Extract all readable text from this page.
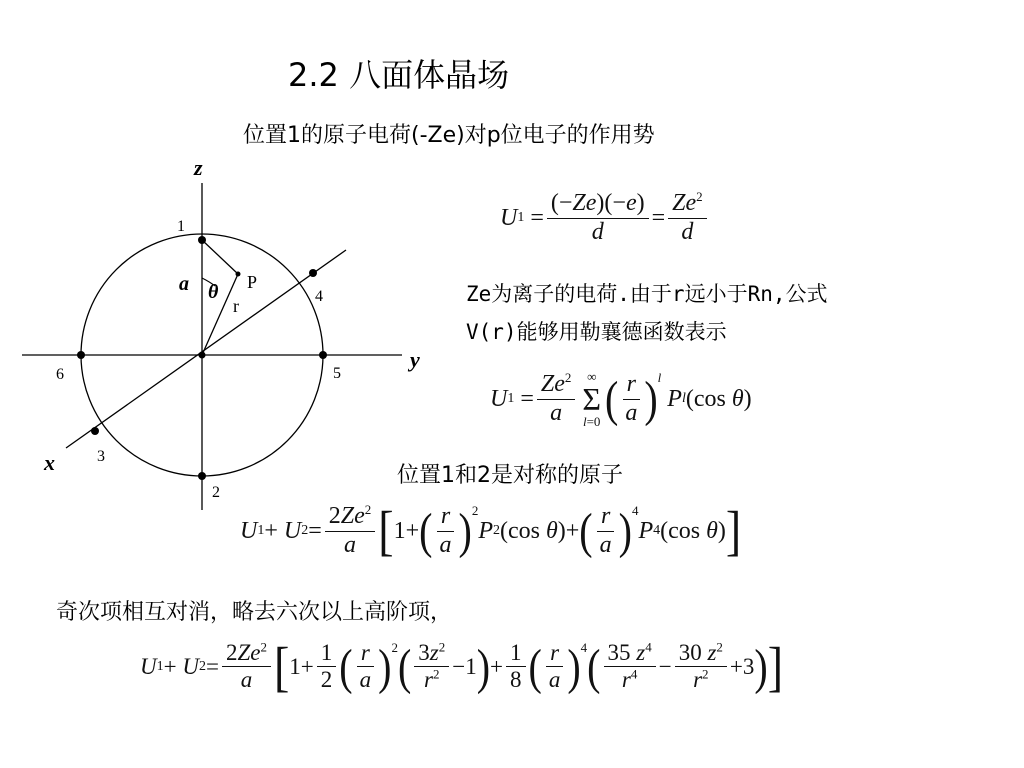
2.2 八面体晶场
位置1的原子电荷(-Ze)对p位电子的作用势
z
y
x
a θ P
r
1
2
3
4
5
6
U $1 = \frac{(-Ze)(-e)}{d} = \frac{Ze^2}{d}$
Ze为离子的电荷.由于r远小于Rn,公式
V(r)能够用勒襄德函数表示
U $1 = \frac{Ze^2}{a}$ ∞
Σ
l=0 ( $\frac{r}{a} )^l$

P l (cos θ )
位置1和2是对称的原子
U 1 + U $2 = \frac{2Ze^2}{a}$ [ 1+ ( $\frac{r}{a} )^2$
P 2 (cos θ )+ ( $\frac{r}{a} )^4$
P 4 (cos θ ) ]
奇次项相互对消，略去六次以上高阶项，
U 1 + U $2 = \frac{2Ze^2}{a}$ [ $1+ \frac{1}{2}$ ( $\frac{r}{a} )^2$ ( $\frac{3z^2}{r^2} -1$ ) + $\frac{1}{8}$ ( $\frac{r}{a} )^4$ ( $\frac{35 z^4}{r^4} - \frac{30 z^2}{r^2} +3$ ) ]
